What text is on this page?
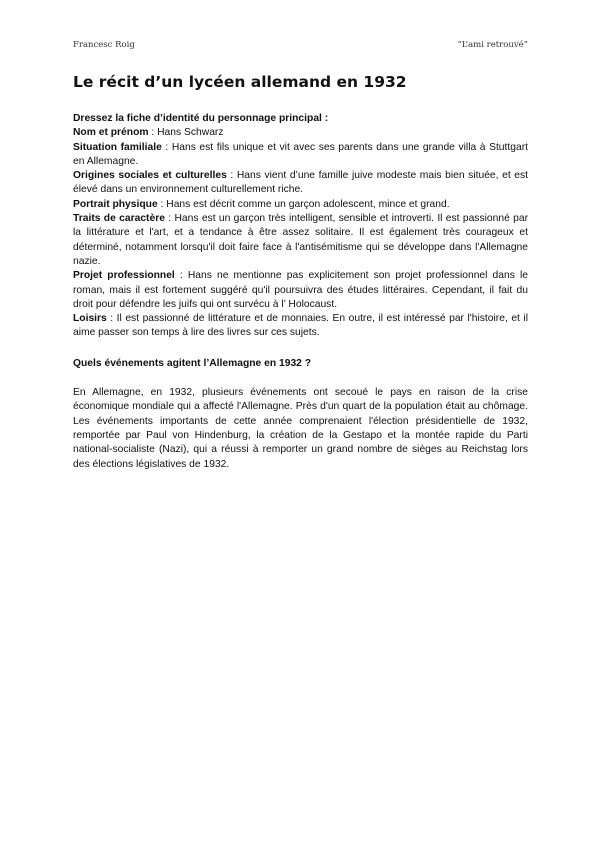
Francesc Roig	“L’ami retrouvé”
Le récit d’un lycéen allemand en 1932

Dressez la fiche d’identité du personnage principal :

Nom et prénom : Hans Schwarz

Situation familiale : Hans est fils unique et vit avec ses parents dans une grande villa à Stuttgart en Allemagne.

Origines sociales et culturelles : Hans vient d’une famille juive modeste mais bien située, et est élevé dans un environnement culturellement riche.

Portrait physique : Hans est décrit comme un garçon adolescent, mince et grand.

Traits de caractère : Hans est un garçon très intelligent, sensible et introverti. Il est passionné par la littérature et l'art, et a tendance à être assez solitaire. Il est également très courageux et déterminé, notamment lorsqu'il doit faire face à l'antisémitisme qui se développe dans l'Allemagne nazie.

Projet professionnel : Hans ne mentionne pas explicitement son projet professionnel dans le roman, mais il est fortement suggéré qu'il poursuivra des études littéraires. Cependant, il fait du droit pour défendre les juifs qui ont survécu à l’ Holocaust.

Loisirs : Il est passionné de littérature et de monnaies. En outre, il est intéressé par l'histoire, et il aime passer son temps à lire des livres sur ces sujets.

Quels événements agitent l’Allemagne en 1932 ?

En Allemagne, en 1932, plusieurs événements ont secoué le pays en raison de la crise économique mondiale qui a affecté l'Allemagne. Près d'un quart de la population était au chômage. Les événements importants de cette année comprenaient l'élection présidentielle de 1932, remportée par Paul von Hindenburg, la création de la Gestapo et la montée rapide du Parti national-socialiste (Nazi), qui a réussi à remporter un grand nombre de sièges au Reichstag lors des élections législatives de 1932.
